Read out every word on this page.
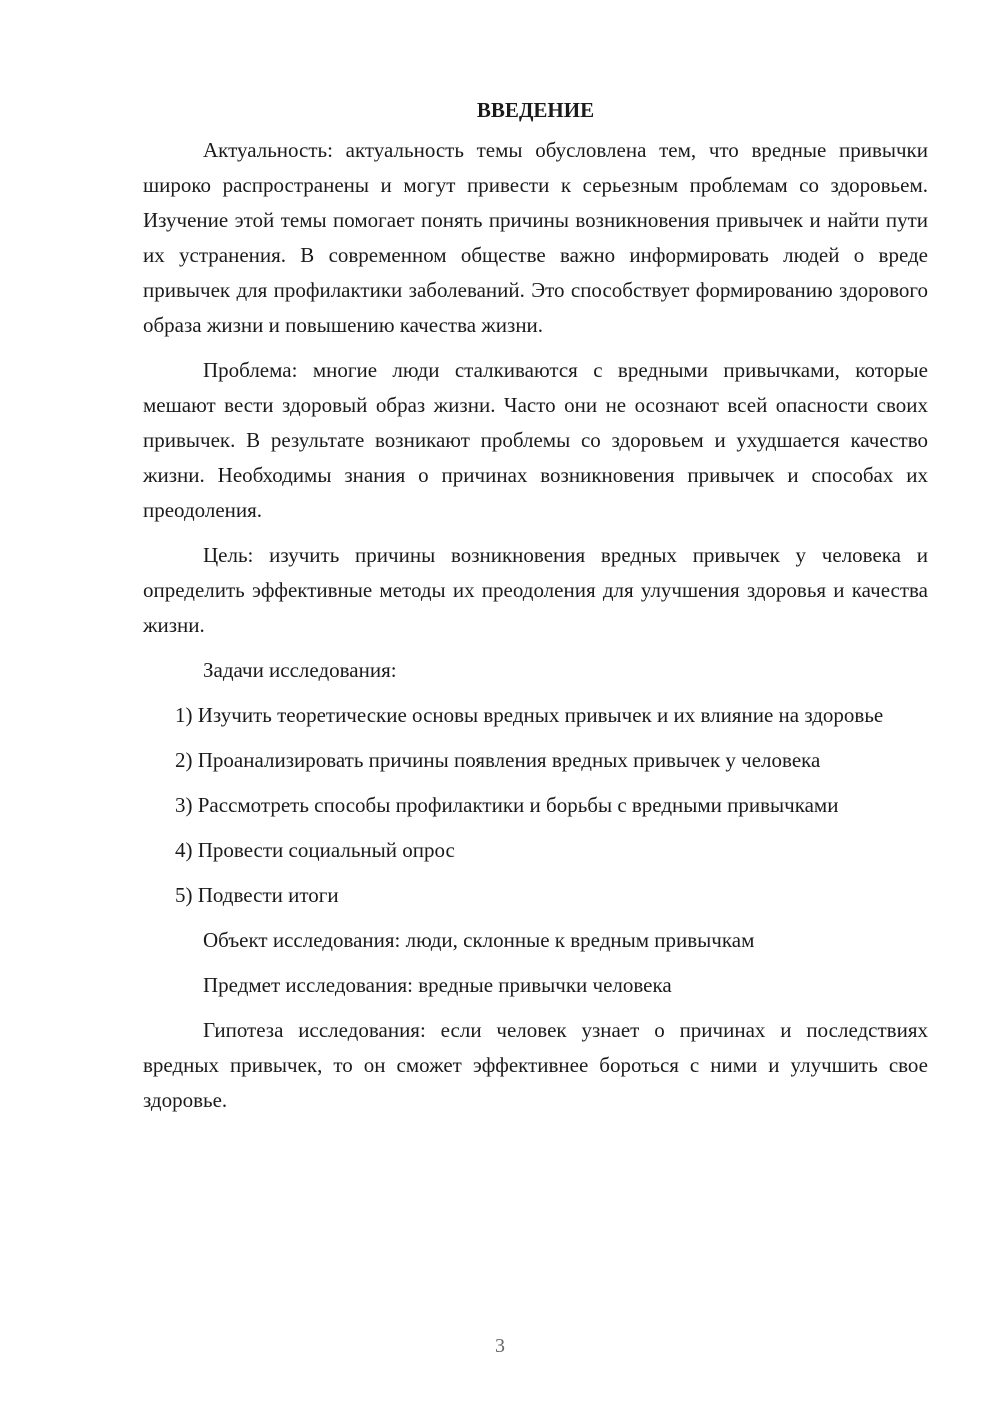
ВВЕДЕНИЕ

Актуальность: актуальность темы обусловлена тем, что вредные привычки широко распространены и могут привести к серьезным проблемам со здоровьем. Изучение этой темы помогает понять причины возникновения привычек и найти пути их устранения. В современном обществе важно информировать людей о вреде привычек для профилактики заболеваний. Это способствует формированию здорового образа жизни и повышению качества жизни.

Проблема: многие люди сталкиваются с вредными привычками, которые мешают вести здоровый образ жизни. Часто они не осознают всей опасности своих привычек. В результате возникают проблемы со здоровьем и ухудшается качество жизни. Необходимы знания о причинах возникновения привычек и способах их преодоления.

Цель: изучить причины возникновения вредных привычек у человека и определить эффективные методы их преодоления для улучшения здоровья и качества жизни.

Задачи исследования:

1) Изучить теоретические основы вредных привычек и их влияние на здоровье

2) Проанализировать причины появления вредных привычек у человека

3) Рассмотреть способы профилактики и борьбы с вредными привычками

4) Провести социальный опрос

5) Подвести итоги

Объект исследования: люди, склонные к вредным привычкам

Предмет исследования: вредные привычки человека

Гипотеза исследования: если человек узнает о причинах и последствиях вредных привычек, то он сможет эффективнее бороться с ними и улучшить свое здоровье.

3
